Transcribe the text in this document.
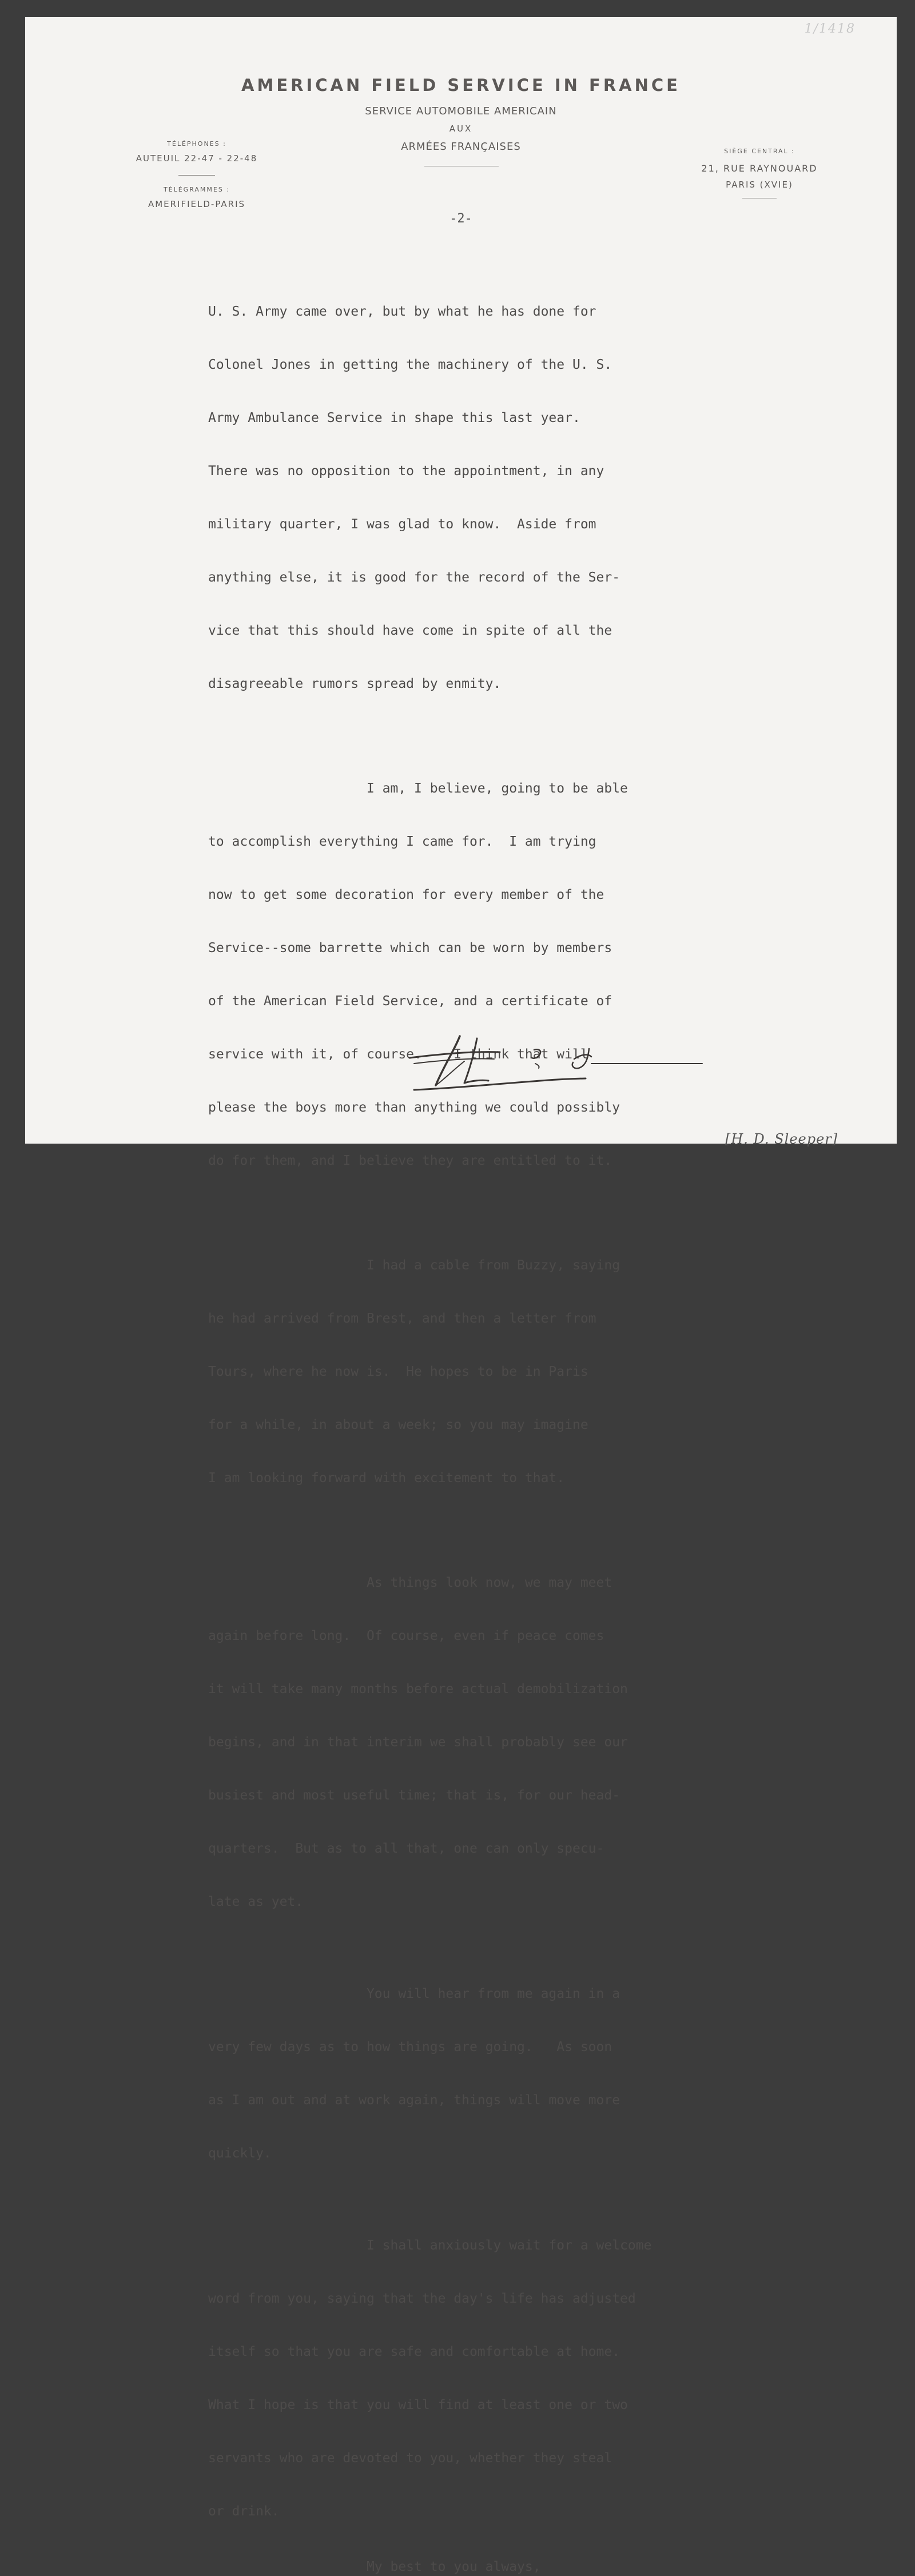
1/1418
AMERICAN FIELD SERVICE IN FRANCE
SERVICE AUTOMOBILE AMERICAIN
AUX
ARMÉES FRANÇAISES
TÉLÉPHONES :
AUTEUIL 22-47 - 22-48
TÉLÉGRAMMES :
AMERIFIELD-PARIS
SIÈGE CENTRAL :
21, RUE RAYNOUARD
PARIS (XVIE)
-2-

U. S. Army came over, but by what he has done for

Colonel Jones in getting the machinery of the U. S.

Army Ambulance Service in shape this last year.

There was no opposition to the appointment, in any

military quarter, I was glad to know.  Aside from

anything else, it is good for the record of the Ser-

vice that this should have come in spite of all the

disagreeable rumors spread by enmity.

I am, I believe, going to be able

to accomplish everything I came for.  I am trying

now to get some decoration for every member of the

Service--some barrette which can be worn by members

of the American Field Service, and a certificate of

service with it, of course.    I think that will

please the boys more than anything we could possibly

do for them, and I believe they are entitled to it.

I had a cable from Buzzy, saying

he had arrived from Brest, and then a letter from

Tours, where he now is.  He hopes to be in Paris

for a while, in about a week; so you may imagine

I am looking forward with excitement to that.

As things look now, we may meet

again before long.  Of course, even if peace comes

it will take many months before actual demobilization

begins, and in that interim we shall probably see our

busiest and most useful time; that is, for our head-

quarters.  But as to all that, one can only specu-

late as yet.

You will hear from me again in a

very few days as to how things are going.   As soon

as I am out and at work again, things will move more

quickly.

I shall anxiously wait for a welcome

word from you, saying that the day's life has adjusted

itself so that you are safe and comfortable at home.

What I hope is that you will find at least one or two

servants who are devoted to you, whether they steal

or drink.

My best to you always,
[H. D. Sleeper]
